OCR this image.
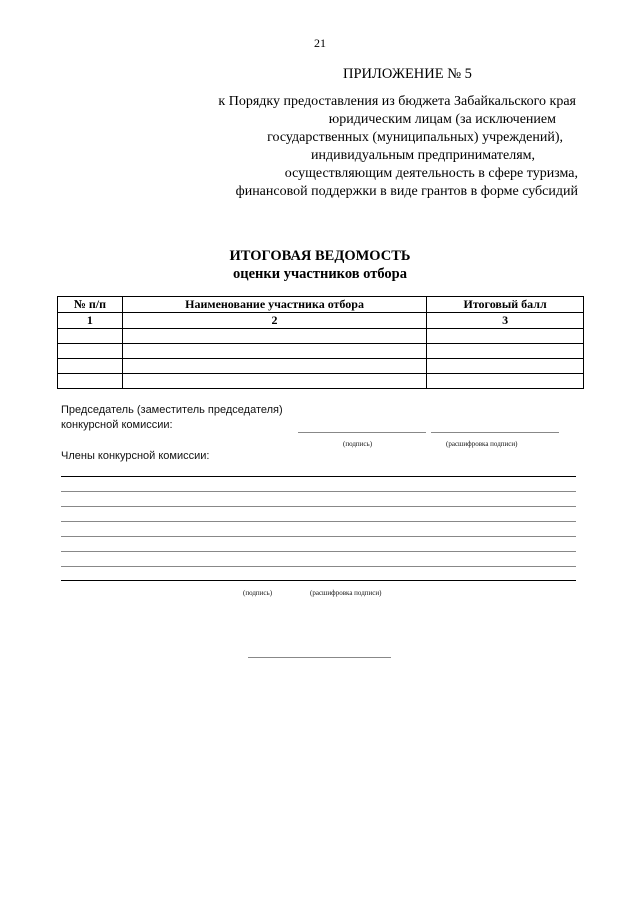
21
ПРИЛОЖЕНИЕ № 5
к Порядку предоставления из бюджета Забайкальского края
юридическим лицам (за исключением
государственных (муниципальных) учреждений),
индивидуальным предпринимателям,
осуществляющим деятельность в сфере туризма,
финансовой поддержки в виде грантов в форме субсидий
ИТОГОВАЯ ВЕДОМОСТЬ
оценки участников отбора
№ п/п	Наименование участника отбора	Итоговый балл
1	2	3

Председатель (заместитель председателя)
конкурсной комиссии:
(подпись)	(расшифровка подписи)
Члены конкурсной комиссии:
(подпись)	(расшифровка подписи)
